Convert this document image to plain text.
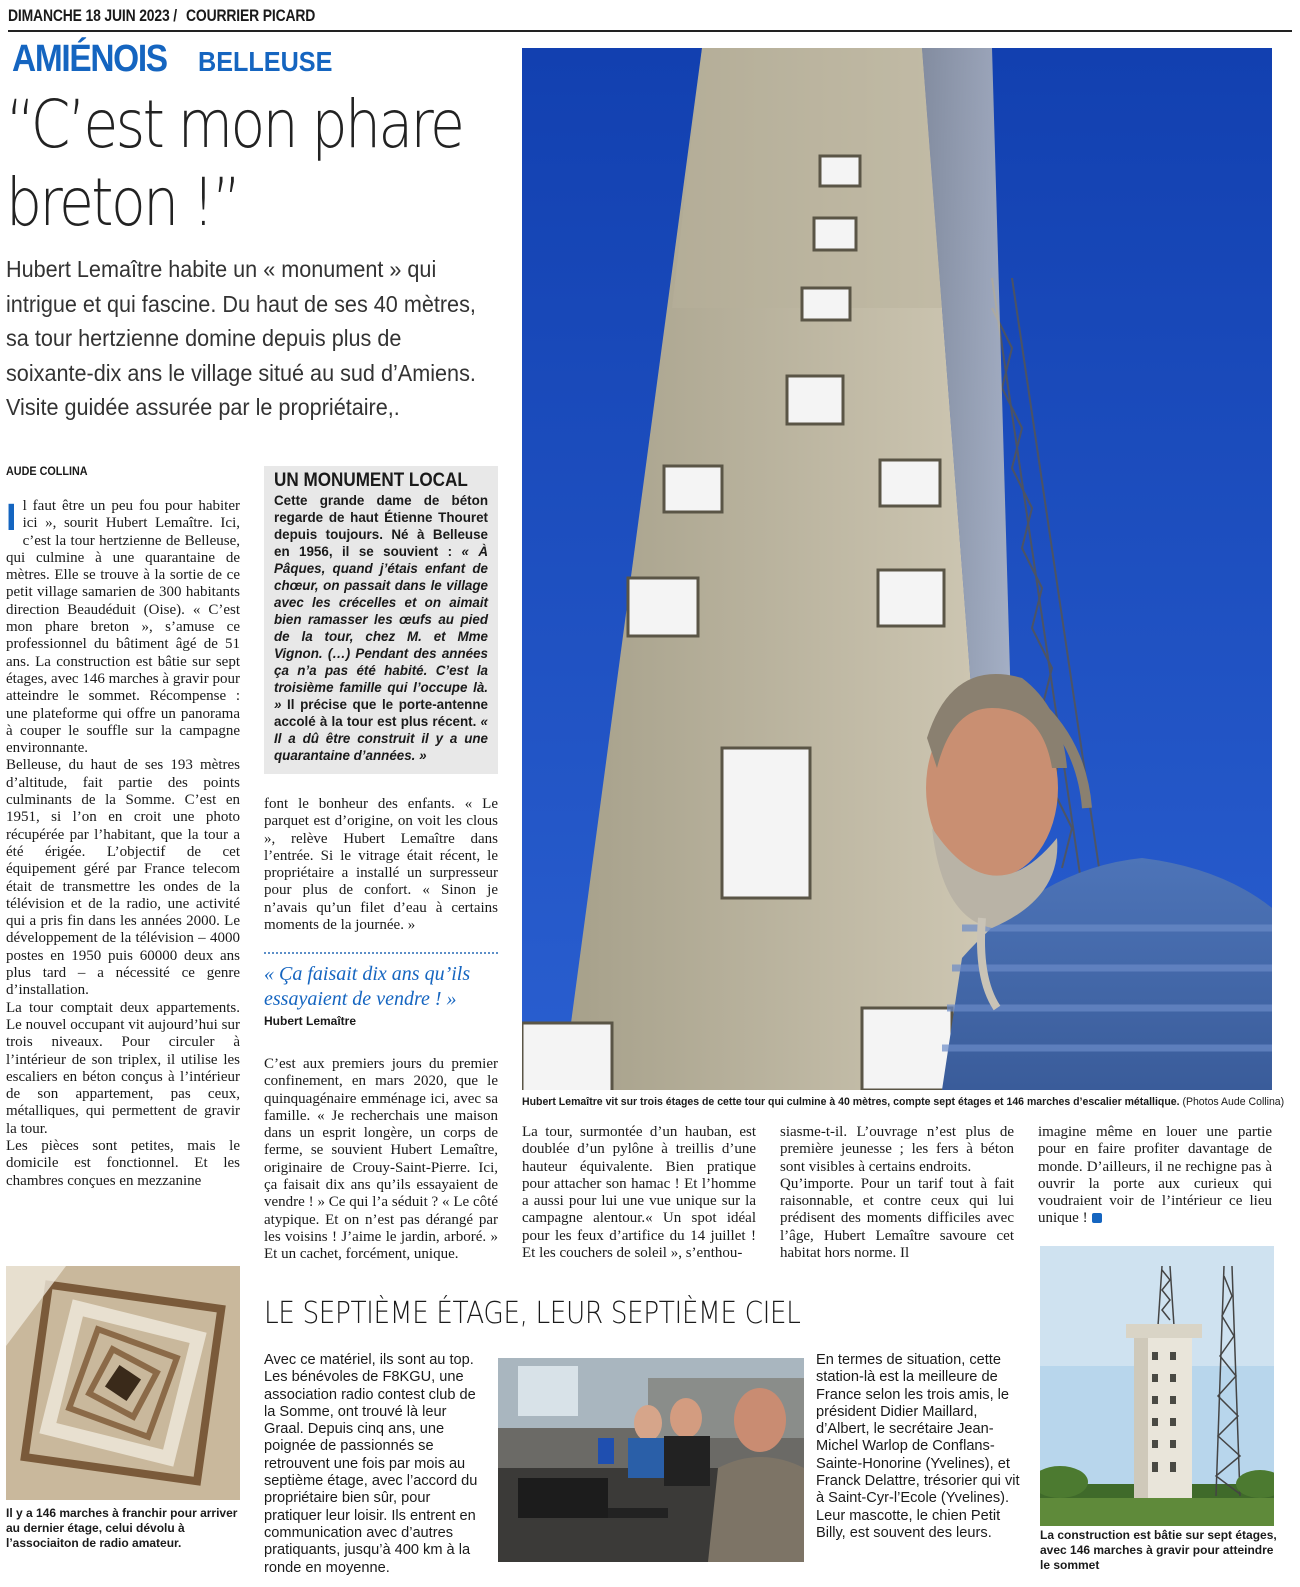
DIMANCHE 18 JUIN 2023 / COURRIER PICARD
AMIÉNOIS BELLEUSE
“C’est mon phare
breton !”
Hubert Lemaître habite un « monument » qui
intrigue et qui fascine. Du haut de ses 40 mètres,
sa tour hertzienne domine depuis plus de
soixante-dix ans le village situé au sud d’Amiens.
Visite guidée assurée par le propriétaire,.
AUDE COLLINA

Il faut être un peu fou pour habiter ici », sourit Hubert Lemaître. Ici, c’est la tour hertzienne de Belleuse, qui culmine à une quarantaine de mètres. Elle se trouve à la sortie de ce petit village samarien de 300 habitants direction Beaudéduit (Oise). « C’est mon phare breton », s’amuse ce professionnel du bâtiment âgé de 51 ans. La construction est bâtie sur sept étages, avec 146 marches à gravir pour atteindre le sommet. Récompense : une plateforme qui offre un panorama à couper le souffle sur la campagne environnante.

Belleuse, du haut de ses 193 mètres d’altitude, fait partie des points culminants de la Somme. C’est en 1951, si l’on en croit une photo récupérée par l’habitant, que la tour a été érigée. L’objectif de cet équipement géré par France telecom était de transmettre les ondes de la télévision et de la radio, une activité qui a pris fin dans les années 2000. Le développement de la télévision – 4000 postes en 1950 puis 60000 deux ans plus tard – a nécessité ce genre d’installation.

La tour comptait deux appartements. Le nouvel occupant vit aujourd’hui sur trois niveaux. Pour circuler à l’intérieur de son triplex, il utilise les escaliers en béton conçus à l’intérieur de son appartement, pas ceux, métalliques, qui permettent de gravir la tour.

Les pièces sont petites, mais le domicile est fonctionnel. Et les chambres conçues en mezzanine

UN MONUMENT LOCAL

Cette grande dame de béton regarde de haut Étienne Thouret depuis toujours. Né à Belleuse en 1956, il se souvient : « À Pâques, quand j’étais enfant de chœur, on passait dans le village avec les crécelles et on aimait bien ramasser les œufs au pied de la tour, chez M. et Mme Vignon. (…) Pendant des années ça n’a pas été habité. C’est la troisième famille qui l’occupe là. » Il précise que le porte-antenne accolé à la tour est plus récent. « Il a dû être construit il y a une quarantaine d’années. »

font le bonheur des enfants. « Le parquet est d’origine, on voit les clous », relève Hubert Lemaître dans l’entrée. Si le vitrage était récent, le propriétaire a installé un surpresseur pour plus de confort. « Sinon je n’avais qu’un filet d’eau à certains moments de la journée. »
« Ça faisait dix ans qu’ils essayaient de vendre ! »
Hubert Lemaître
C’est aux premiers jours du premier confinement, en mars 2020, que le quinquagénaire emménage ici, avec sa famille. « Je recherchais une maison dans un esprit longère, un corps de ferme, se souvient Hubert Lemaître, originaire de Crouy-Saint-Pierre. Ici, ça faisait dix ans qu’ils essayaient de vendre ! » Ce qui l’a séduit ? « Le côté atypique. Et on n’est pas dérangé par les voisins ! J’aime le jardin, arboré. » Et un cachet, forcément, unique.
Hubert Lemaître vit sur trois étages de cette tour qui culmine à 40 mètres, compte sept étages et 146 marches d’escalier métallique. (Photos Aude Collina)
La tour, surmontée d’un hauban, est doublée d’un pylône à treillis d’une hauteur équivalente. Bien pratique pour attacher son hamac ! Et l’homme a aussi pour lui une vue unique sur la campagne alentour.« Un spot idéal pour les feux d’artifice du 14 juillet ! Et les couchers de soleil », s’enthou-

siasme-t-il. L’ouvrage n’est plus de première jeunesse ; les fers à béton sont visibles à certains endroits.

Qu’importe. Pour un tarif tout à fait raisonnable, et contre ceux qui lui prédisent des moments difficiles avec l’âge, Hubert Lemaître savoure cet habitat hors norme. Il

imagine même en louer une partie pour en faire profiter davantage de monde. D’ailleurs, il ne rechigne pas à ouvrir la porte aux curieux qui voudraient voir de l’intérieur ce lieu unique !
Il y a 146 marches à franchir pour arriver au dernier étage, celui dévolu à l’associaiton de radio amateur.
LE SEPTIÈME ÉTAGE, LEUR SEPTIÈME CIEL
Avec ce matériel, ils sont au top. Les bénévoles de F8KGU, une association radio contest club de la Somme, ont trouvé là leur Graal. Depuis cinq ans, une poignée de passionnés se retrouvent une fois par mois au septième étage, avec l’accord du propriétaire bien sûr, pour pratiquer leur loisir. Ils entrent en communication avec d’autres pratiquants, jusqu’à 400 km à la ronde en moyenne.
En termes de situation, cette station-là est la meilleure de France selon les trois amis, le président Didier Maillard, d’Albert, le secrétaire Jean-Michel Warlop de Conflans-Sainte-Honorine (Yvelines), et Franck Delattre, trésorier qui vit à Saint-Cyr-l’Ecole (Yvelines). Leur mascotte, le chien Petit Billy, est souvent des leurs.	La construction est bâtie sur sept étages, avec 146 marches à gravir pour atteindre le sommet
